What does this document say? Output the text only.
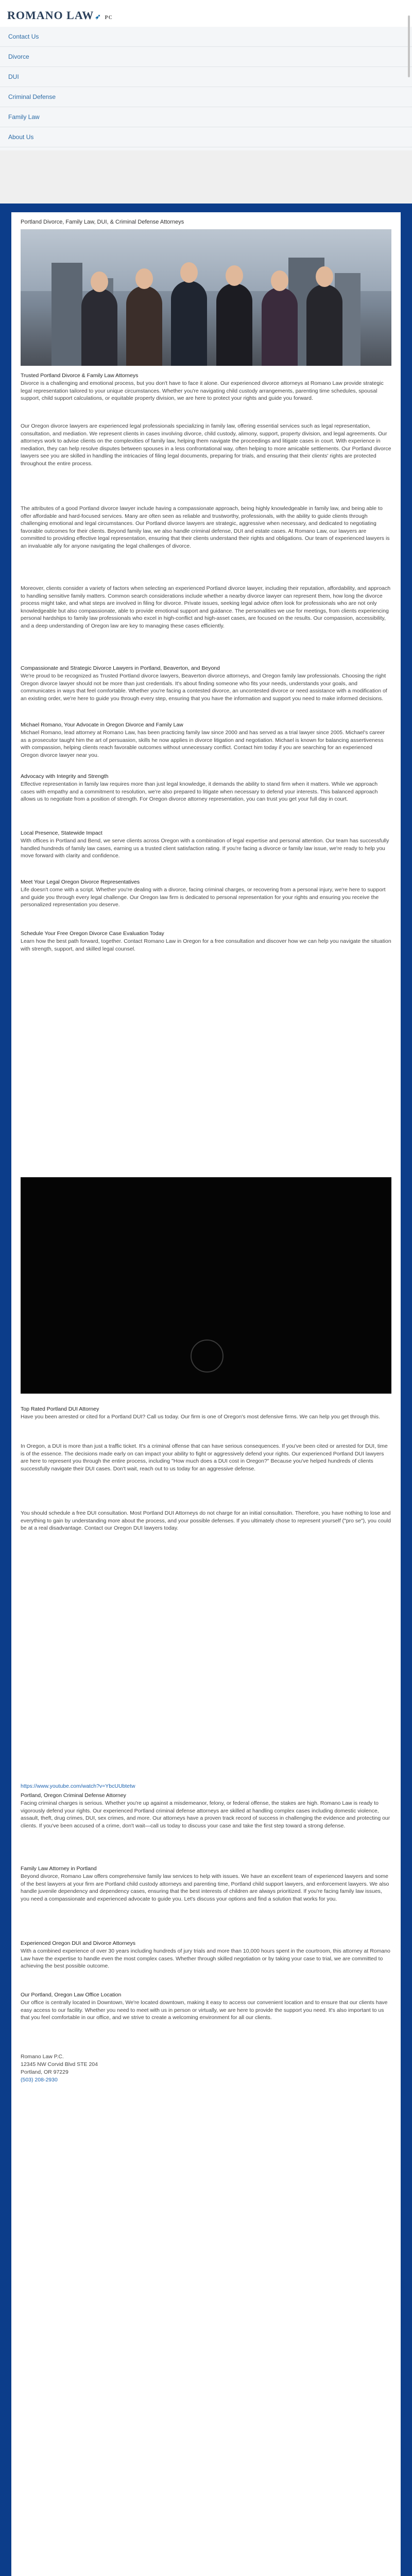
ROMANO LAW ➶ PC
Contact Us
Divorce
DUI
Criminal Defense
Family Law
About Us
Portland Divorce, Family Law, DUI, & Criminal Defense Attorneys
Trusted Portland Divorce & Family Law Attorneys
Divorce is a challenging and emotional process, but you don't have to face it alone. Our experienced divorce attorneys at Romano Law provide strategic legal representation tailored to your unique circumstances. Whether you're navigating child custody arrangements, parenting time schedules, spousal support, child support calculations, or equitable property division, we are here to protect your rights and guide you forward.
Our Oregon divorce lawyers are experienced legal professionals specializing in family law, offering essential services such as legal representation, consultation, and mediation. We represent clients in cases involving divorce, child custody, alimony, support, property division, and legal agreements. Our attorneys work to advise clients on the complexities of family law, helping them navigate the proceedings and litigate cases in court. With experience in mediation, they can help resolve disputes between spouses in a less confrontational way, often helping to more amicable settlements. Our Portland divorce lawyers see you are skilled in handling the intricacies of filing legal documents, preparing for trials, and ensuring that their clients' rights are protected throughout the entire process.
The attributes of a good Portland divorce lawyer include having a compassionate approach, being highly knowledgeable in family law, and being able to offer affordable and hard-focused services. Many are often seen as reliable and trustworthy, professionals, with the ability to guide clients through challenging emotional and legal circumstances. Our Portland divorce lawyers are strategic, aggressive when necessary, and dedicated to negotiating favorable outcomes for their clients. Beyond family law, we also handle criminal defense, DUI and estate cases. At Romano Law, our lawyers are committed to providing effective legal representation, ensuring that their clients understand their rights and obligations. Our team of experienced lawyers is an invaluable ally for anyone navigating the legal challenges of divorce.
Moreover, clients consider a variety of factors when selecting an experienced Portland divorce lawyer, including their reputation, affordability, and approach to handling sensitive family matters. Common search considerations include whether a nearby divorce lawyer can represent them, how long the divorce process might take, and what steps are involved in filing for divorce. Private issues, seeking legal advice often look for professionals who are not only knowledgeable but also compassionate, able to provide emotional support and guidance. The personalities we use for meetings, from clients experiencing personal hardships to family law professionals who excel in high-conflict and high-asset cases, are focused on the results. Our compassion, accessibility, and a deep understanding of Oregon law are key to managing these cases efficiently.
Compassionate and Strategic Divorce Lawyers in Portland, Beaverton, and Beyond
We're proud to be recognized as Trusted Portland divorce lawyers, Beaverton divorce attorneys, and Oregon family law professionals. Choosing the right Oregon divorce lawyer should not be more than just credentials. It's about finding someone who fits your needs, understands your goals, and communicates in ways that feel comfortable. Whether you're facing a contested divorce, an uncontested divorce or need assistance with a modification of an existing order, we're here to guide you through every step, ensuring that you have the information and support you need to make informed decisions.
Michael Romano, Your Advocate in Oregon Divorce and Family Law
Michael Romano, lead attorney at Romano Law, has been practicing family law since 2000 and has served as a trial lawyer since 2005. Michael's career as a prosecutor taught him the art of persuasion, skills he now applies in divorce litigation and negotiation. Michael is known for balancing assertiveness with compassion, helping clients reach favorable outcomes without unnecessary conflict. Contact him today if you are searching for an experienced Oregon divorce lawyer near you.
Advocacy with Integrity and Strength
Effective representation in family law requires more than just legal knowledge, it demands the ability to stand firm when it matters. While we approach cases with empathy and a commitment to resolution, we're also prepared to litigate when necessary to defend your interests. This balanced approach allows us to negotiate from a position of strength. For Oregon divorce attorney representation, you can trust you get your full day in court.
Local Presence, Statewide Impact
With offices in Portland and Bend, we serve clients across Oregon with a combination of legal expertise and personal attention. Our team has successfully handled hundreds of family law cases, earning us a trusted client satisfaction rating. If you're facing a divorce or family law issue, we're ready to help you move forward with clarity and confidence.
Meet Your Legal Oregon Divorce Representatives
Life doesn't come with a script. Whether you're dealing with a divorce, facing criminal charges, or recovering from a personal injury, we're here to support and guide you through every legal challenge. Our Oregon law firm is dedicated to personal representation for your rights and ensuring you receive the personalized representation you deserve.
Schedule Your Free Oregon Divorce Case Evaluation Today
Learn how the best path forward, together. Contact Romano Law in Oregon for a free consultation and discover how we can help you navigate the situation with strength, support, and skilled legal counsel.
Top Rated Portland DUI Attorney
Have you been arrested or cited for a Portland DUI? Call us today. Our firm is one of Oregon's most defensive firms. We can help you get through this.
In Oregon, a DUI is more than just a traffic ticket. It's a criminal offense that can have serious consequences. If you've been cited or arrested for DUI, time is of the essence. The decisions made early on can impact your ability to fight or aggressively defend your rights. Our experienced Portland DUI lawyers are here to represent you through the entire process, including "How much does a DUI cost in Oregon?" Because you've helped hundreds of clients successfully navigate their DUI cases. Don't wait, reach out to us today for an aggressive defense.
You should schedule a free DUI consultation. Most Portland DUI Attorneys do not charge for an initial consultation. Therefore, you have nothing to lose and everything to gain by understanding more about the process, and your possible defenses. If you ultimately chose to represent yourself ("pro se"), you could be at a real disadvantage. Contact our Oregon DUI lawyers today.
https://www.youtube.com/watch?v=YbcUUbtetw
Portland, Oregon Criminal Defense Attorney
Facing criminal charges is serious. Whether you're up against a misdemeanor, felony, or federal offense, the stakes are high. Romano Law is ready to vigorously defend your rights. Our experienced Portland criminal defense attorneys are skilled at handling complex cases including domestic violence, assault, theft, drug crimes, DUI, sex crimes, and more. Our attorneys have a proven track record of success in challenging the evidence and protecting our clients. If you've been accused of a crime, don't wait—call us today to discuss your case and take the first step toward a strong defense.
Family Law Attorney in Portland
Beyond divorce, Romano Law offers comprehensive family law services to help with issues. We have an excellent team of experienced lawyers and some of the best lawyers at your firm are Portland child custody attorneys and parenting time, Portland child support lawyers, and enforcement lawyers. We also handle juvenile dependency and dependency cases, ensuring that the best interests of children are always prioritized. If you're facing family law issues, you need a compassionate and experienced advocate to guide you. Let's discuss your options and find a solution that works for you.
Experienced Oregon DUI and Divorce Attorneys
With a combined experience of over 30 years including hundreds of jury trials and more than 10,000 hours spent in the courtroom, this attorney at Romano Law have the expertise to handle even the most complex cases. Whether through skilled negotiation or by taking your case to trial, we are committed to achieving the best possible outcome.
Our Portland, Oregon Law Office Location
Our office is centrally located in Downtown, We're located downtown, making it easy to access our convenient location and to ensure that our clients have easy access to our facility. Whether you need to meet with us in person or virtually, we are here to provide the support you need. It's also important to us that you feel comfortable in our office, and we strive to create a welcoming environment for all our clients.
Romano Law P.C.
12345 NW Corvid Blvd STE 204
Portland, OR 97229
(503) 208-2930
